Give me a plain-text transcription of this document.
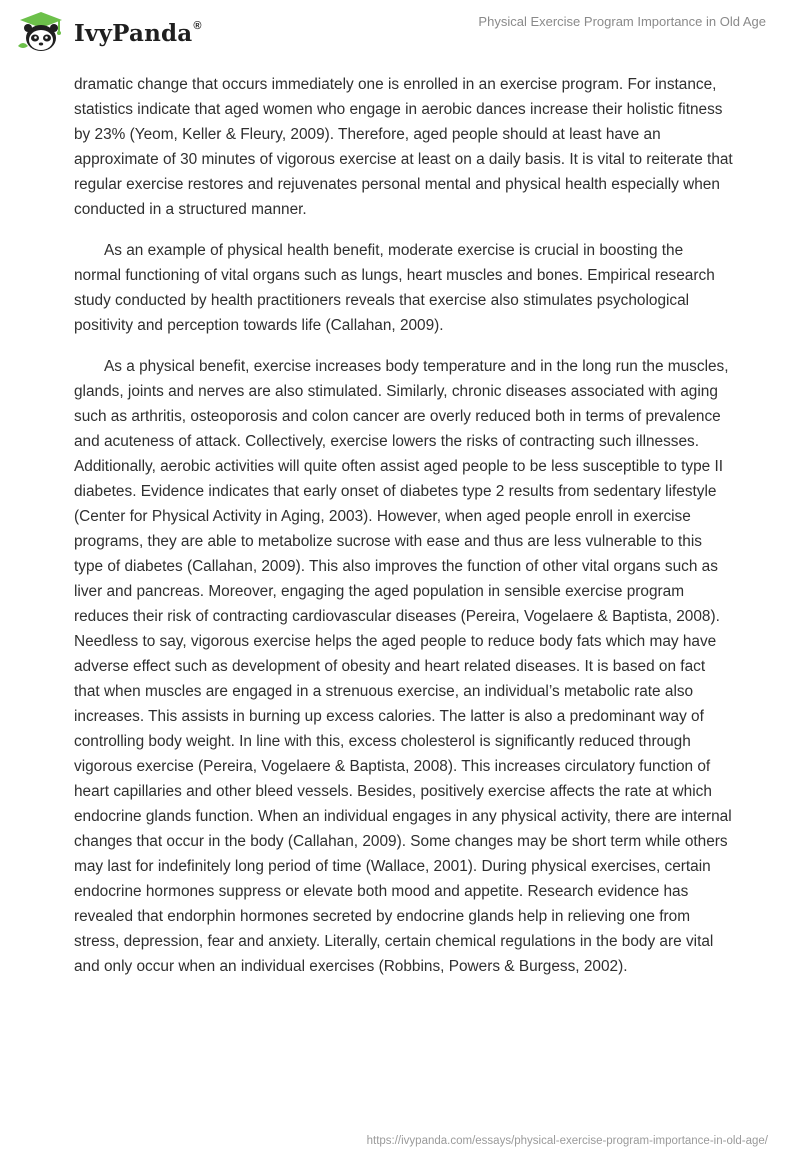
IvyPanda®	Physical Exercise Program Importance in Old Age

dramatic change that occurs immediately one is enrolled in an exercise program. For instance, statistics indicate that aged women who engage in aerobic dances increase their holistic fitness by 23% (Yeom, Keller & Fleury, 2009). Therefore, aged people should at least have an approximate of 30 minutes of vigorous exercise at least on a daily basis. It is vital to reiterate that regular exercise restores and rejuvenates personal mental and physical health especially when conducted in a structured manner.

As an example of physical health benefit, moderate exercise is crucial in boosting the normal functioning of vital organs such as lungs, heart muscles and bones. Empirical research study conducted by health practitioners reveals that exercise also stimulates psychological positivity and perception towards life (Callahan, 2009).

As a physical benefit, exercise increases body temperature and in the long run the muscles, glands, joints and nerves are also stimulated. Similarly, chronic diseases associated with aging such as arthritis, osteoporosis and colon cancer are overly reduced both in terms of prevalence and acuteness of attack. Collectively, exercise lowers the risks of contracting such illnesses. Additionally, aerobic activities will quite often assist aged people to be less susceptible to type II diabetes. Evidence indicates that early onset of diabetes type 2 results from sedentary lifestyle (Center for Physical Activity in Aging, 2003). However, when aged people enroll in exercise programs, they are able to metabolize sucrose with ease and thus are less vulnerable to this type of diabetes (Callahan, 2009). This also improves the function of other vital organs such as liver and pancreas. Moreover, engaging the aged population in sensible exercise program reduces their risk of contracting cardiovascular diseases (Pereira, Vogelaere & Baptista, 2008). Needless to say, vigorous exercise helps the aged people to reduce body fats which may have adverse effect such as development of obesity and heart related diseases. It is based on fact that when muscles are engaged in a strenuous exercise, an individual’s metabolic rate also increases. This assists in burning up excess calories. The latter is also a predominant way of controlling body weight. In line with this, excess cholesterol is significantly reduced through vigorous exercise (Pereira, Vogelaere & Baptista, 2008). This increases circulatory function of heart capillaries and other bleed vessels. Besides, positively exercise affects the rate at which endocrine glands function. When an individual engages in any physical activity, there are internal changes that occur in the body (Callahan, 2009). Some changes may be short term while others may last for indefinitely long period of time (Wallace, 2001). During physical exercises, certain endocrine hormones suppress or elevate both mood and appetite. Research evidence has revealed that endorphin hormones secreted by endocrine glands help in relieving one from stress, depression, fear and anxiety. Literally, certain chemical regulations in the body are vital and only occur when an individual exercises (Robbins, Powers & Burgess, 2002).

https://ivypanda.com/essays/physical-exercise-program-importance-in-old-age/
